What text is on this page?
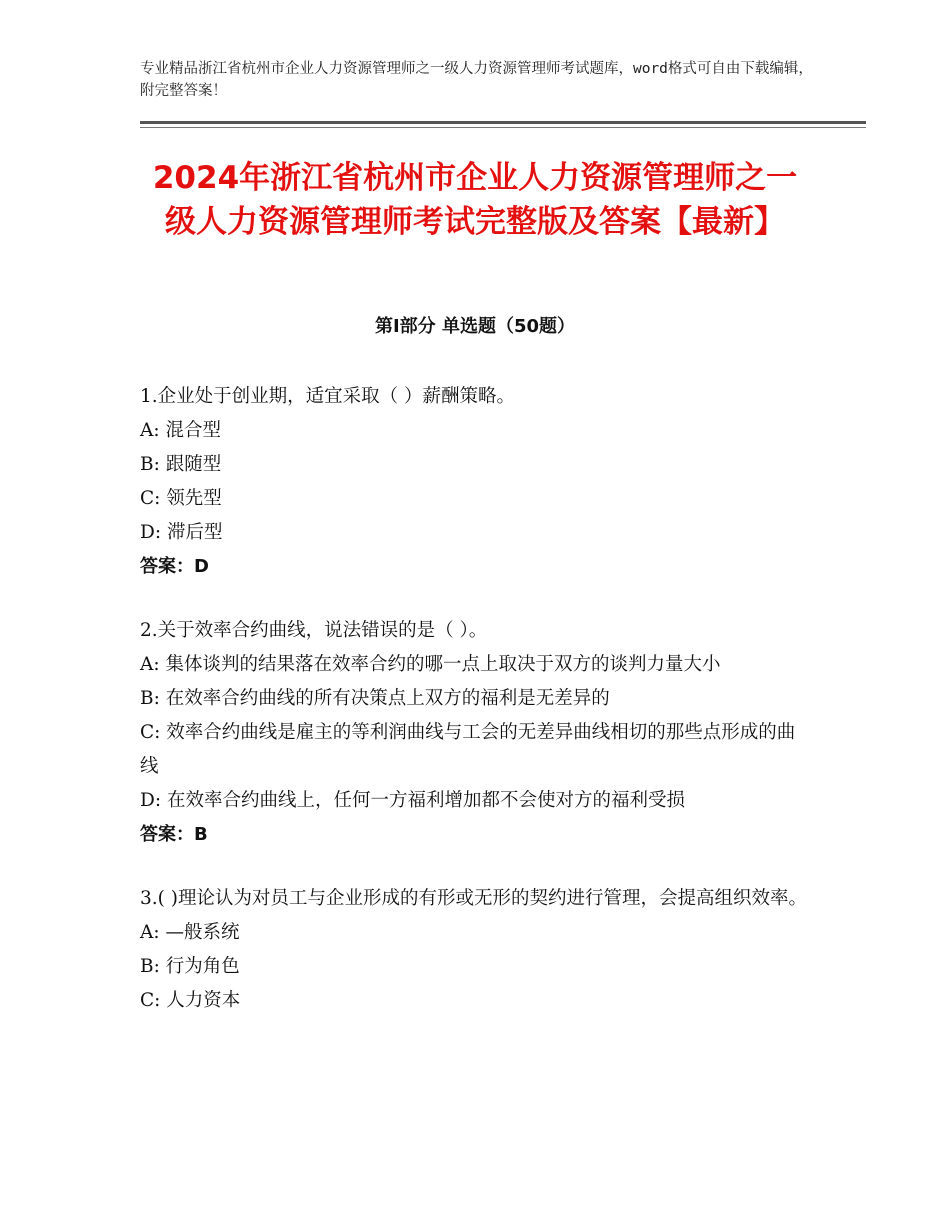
专业精品浙江省杭州市企业人力资源管理师之一级人力资源管理师考试题库，word格式可自由下载编辑，附完整答案！
2024年浙江省杭州市企业人力资源管理师之一级人力资源管理师考试完整版及答案【最新】
第Ⅰ部分 单选题（50题）

1.企业处于创业期，适宜采取（ ）薪酬策略。

A: 混合型

B: 跟随型

C: 领先型

D: 滞后型

答案：D

2.关于效率合约曲线，说法错误的是（ ）。

A: 集体谈判的结果落在效率合约的哪一点上取决于双方的谈判力量大小

B: 在效率合约曲线的所有决策点上双方的福利是无差异的

C: 效率合约曲线是雇主的等利润曲线与工会的无差异曲线相切的那些点形成的曲线

D: 在效率合约曲线上，任何一方福利增加都不会使对方的福利受损

答案：B

3.( )理论认为对员工与企业形成的有形或无形的契约进行管理，会提高组织效率。

A: —般系统

B: 行为角色

C: 人力资本
